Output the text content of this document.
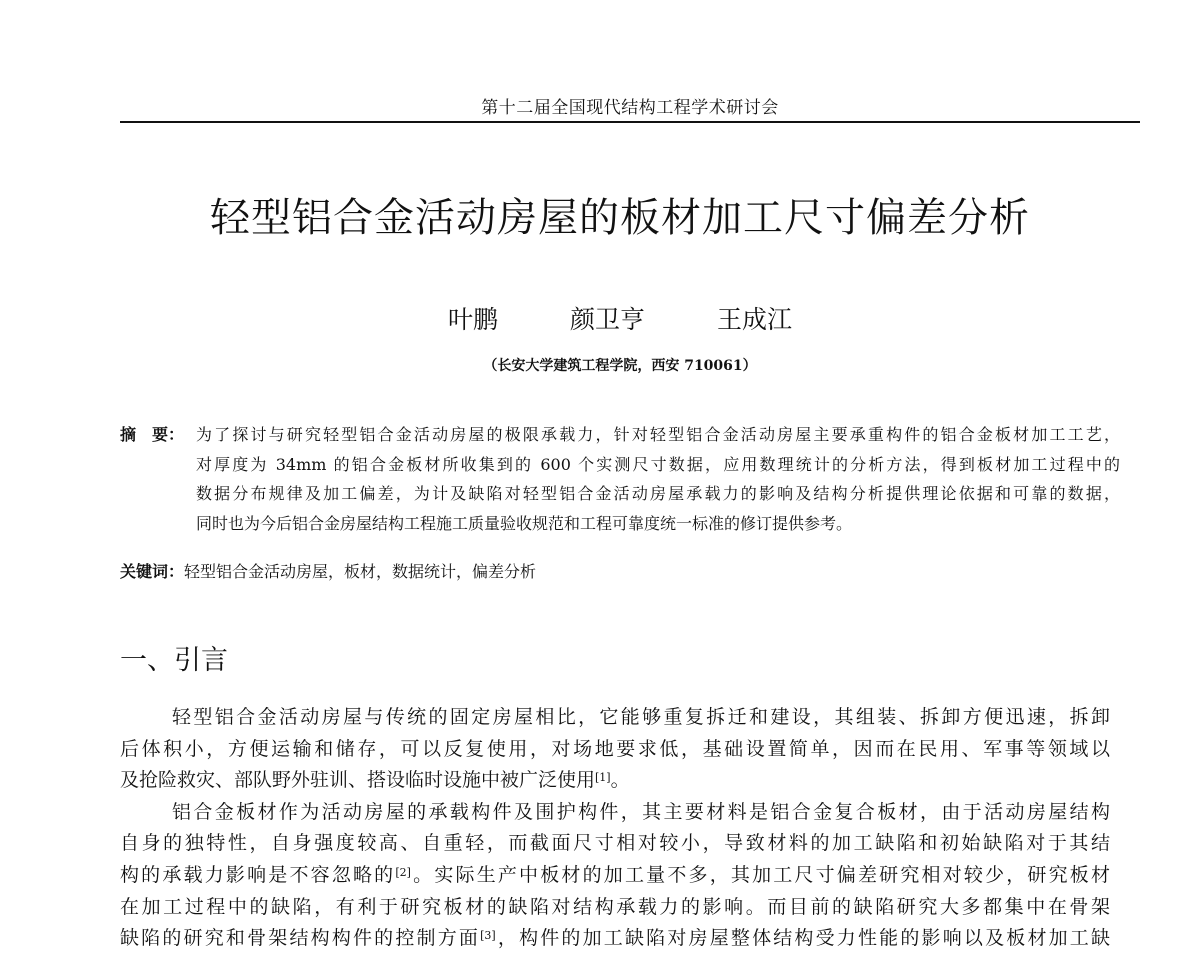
第十二届全国现代结构工程学术研讨会
轻型铝合金活动房屋的板材加工尺寸偏差分析
叶鹏	颜卫亨	王成江
（长安大学建筑工程学院，西安 710061）
摘　要： 为了探讨与研究轻型铝合金活动房屋的极限承载力，针对轻型铝合金活动房屋主要承重构件的铝合金板材加工工艺，
对厚度为 34mm 的铝合金板材所收集到的 600 个实测尺寸数据，应用数理统计的分析方法，得到板材加工过程中的
数据分布规律及加工偏差，为计及缺陷对轻型铝合金活动房屋承载力的影响及结构分析提供理论依据和可靠的数据，
同时也为今后铝合金房屋结构工程施工质量验收规范和工程可靠度统一标准的修订提供参考。
关键词：轻型铝合金活动房屋，板材，数据统计，偏差分析
一、引言
轻型铝合金活动房屋与传统的固定房屋相比，它能够重复拆迁和建设，其组装、拆卸方便迅速，拆卸
后体积小，方便运输和储存，可以反复使用，对场地要求低，基础设置简单，因而在民用、军事等领域以
及抢险救灾、部队野外驻训、搭设临时设施中被广泛使用[1]。
铝合金板材作为活动房屋的承载构件及围护构件，其主要材料是铝合金复合板材，由于活动房屋结构
自身的独特性，自身强度较高、自重轻，而截面尺寸相对较小，导致材料的加工缺陷和初始缺陷对于其结
构的承载力影响是不容忽略的[2]。实际生产中板材的加工量不多，其加工尺寸偏差研究相对较少，研究板材
在加工过程中的缺陷，有利于研究板材的缺陷对结构承载力的影响。而目前的缺陷研究大多都集中在骨架
缺陷的研究和骨架结构构件的控制方面[3]，构件的加工缺陷对房屋整体结构受力性能的影响以及板材加工缺
